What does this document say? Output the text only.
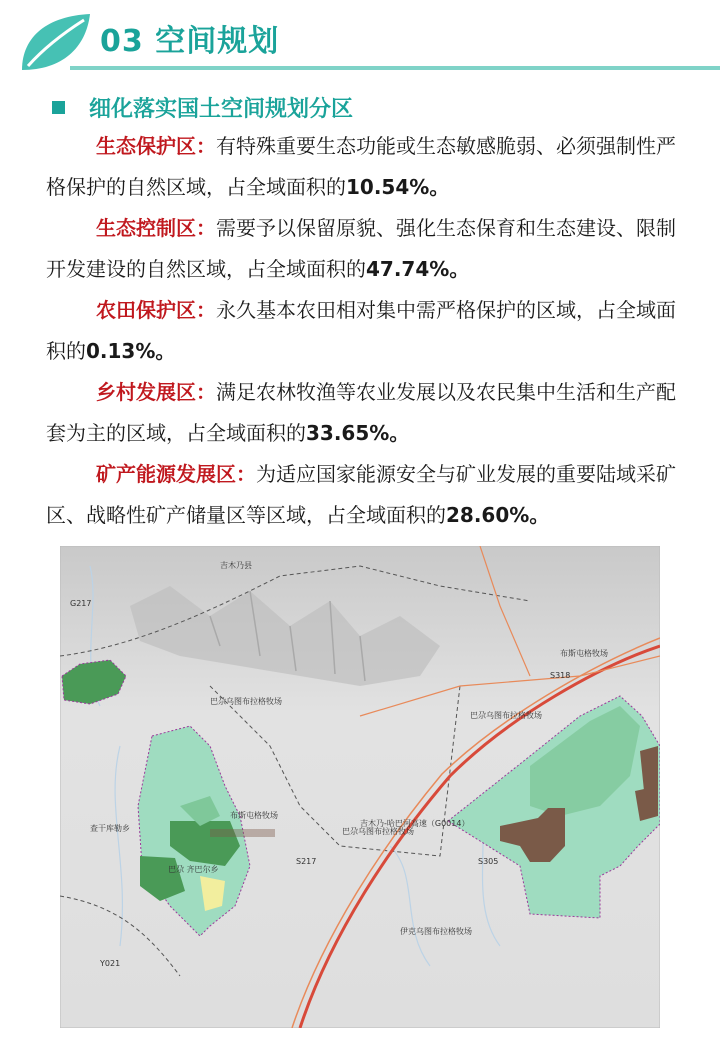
03 空间规划
细化落实国土空间规划分区

生态保护区：有特殊重要生态功能或生态敏感脆弱、必须强制性严格保护的自然区域，占全域面积的10.54%。

生态控制区：需要予以保留原貌、强化生态保育和生态建设、限制开发建设的自然区域，占全域面积的47.74%。

农田保护区：永久基本农田相对集中需严格保护的区域，占全域面积的0.13%。

乡村发展区：满足农林牧渔等农业发展以及农民集中生活和生产配套为主的区域，占全域面积的33.65%。

矿产能源发展区：为适应国家能源安全与矿业发展的重要陆域采矿区、战略性矿产储量区等区域，占全域面积的28.60%。

吉木乃县
布斯屯格牧场
巴尕乌图布拉格牧场
巴尕乌图布拉格牧场
布斯屯格牧场
巴尕乌图布拉格牧场
伊克乌图布拉格牧场
巴尕 齐巴尔乡
查干库勒乡
S318
G217
S217	S305
Y021
吉木乃-哈巴河高速（G0014）
